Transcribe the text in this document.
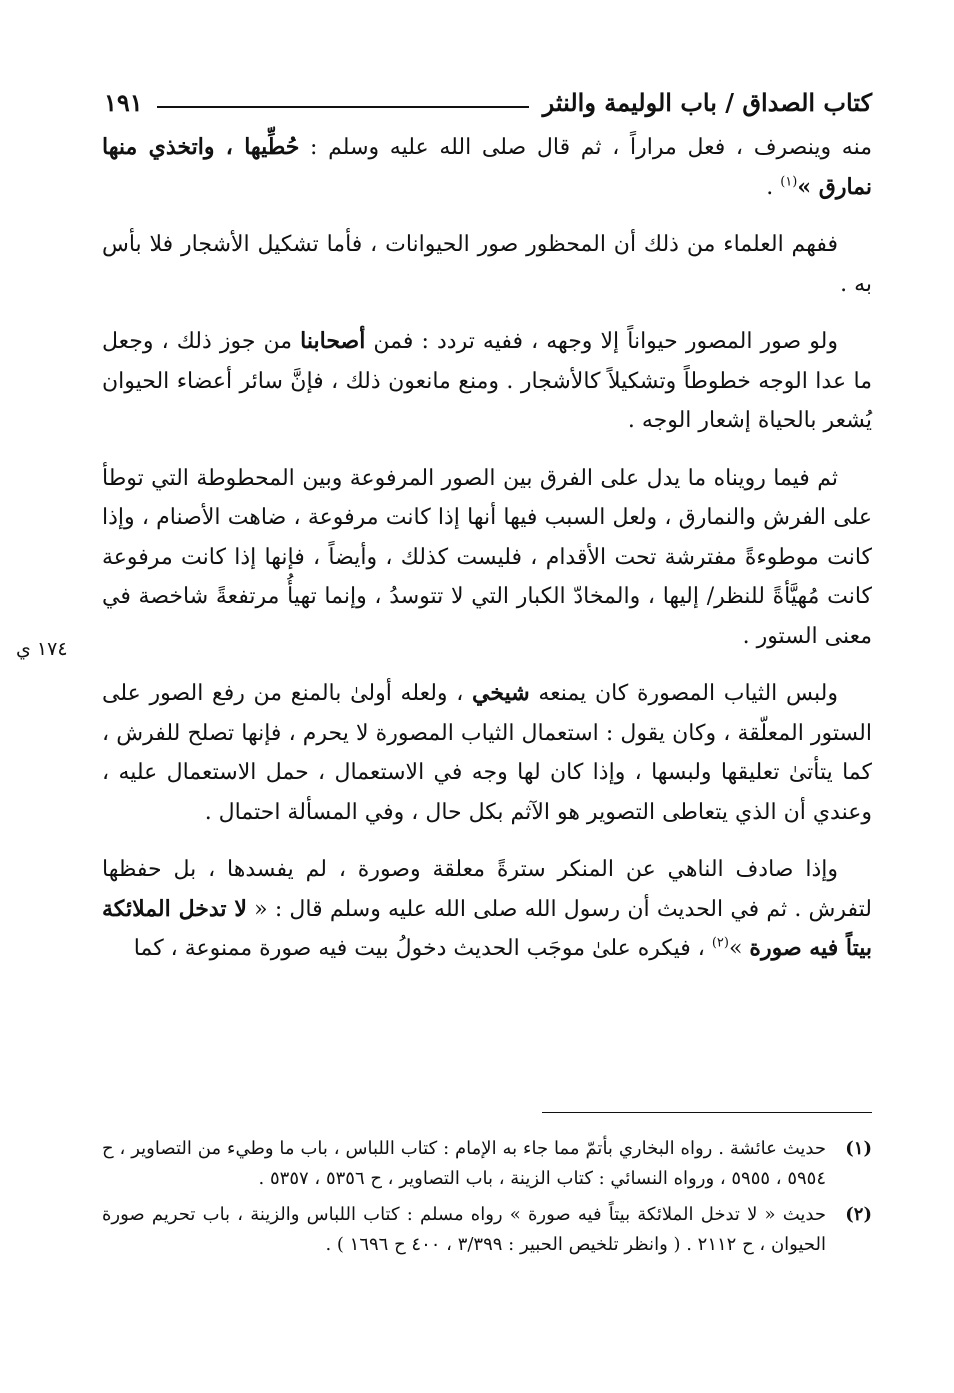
كتاب الصداق / باب الوليمة والنثر
١٩١

منه وينصرف ، فعل مراراً ، ثم قال صلى الله عليه وسلم : حُطِّيها ، واتخذي منها نمارق »$^{(١)}$ .

ففهم العلماء من ذلك أن المحظور صور الحيوانات ، فأما تشكيل الأشجار فلا بأس به .

ولو صور المصور حيواناً إلا وجهه ، ففيه تردد : فمن أصحابنا من جوز ذلك ، وجعل ما عدا الوجه خطوطاً وتشكيلاً كالأشجار . ومنع مانعون ذلك ، فإنَّ سائر أعضاء الحيوان يُشعر بالحياة إشعار الوجه .

ثم فيما رويناه ما يدل على الفرق بين الصور المرفوعة وبين المحطوطة التي توطأ على الفرش والنمارق ، ولعل السبب فيها أنها إذا كانت مرفوعة ، ضاهت الأصنام ، وإذا كانت موطوءةً مفترشة تحت الأقدام ، فليست كذلك ، وأيضاً ، فإنها إذا كانت مرفوعة كانت مُهيَّأةً للنظر/ إليها ، والمخادّ الكبار التي لا تتوسدُ ، وإنما تهيأُ مرتفعةً شاخصة في معنى الستور .

ولبس الثياب المصورة كان يمنعه شيخي ، ولعله أولىٰ بالمنع من رفع الصور على الستور المعلّقة ، وكان يقول : استعمال الثياب المصورة لا يحرم ، فإنها تصلح للفرش ، كما يتأتىٰ تعليقها ولبسها ، وإذا كان لها وجه في الاستعمال ، حمل الاستعمال عليه ، وعندي أن الذي يتعاطى التصوير هو الآثم بكل حال ، وفي المسألة احتمال .

وإذا صادف الناهي عن المنكر سترةً معلقة وصورة ، لم يفسدها ، بل حفظها لتفرش . ثم في الحديث أن رسول الله صلى الله عليه وسلم قال : « لا تدخل الملائكة بيتاً فيه صورة »$^{(٢)}$ ، فيكره علىٰ موجَب الحديث دخولُ بيت فيه صورة ممنوعة ، كما

١٧٤ ي
(١)
حديث عائشة . رواه البخاري بأتمّ مما جاء به الإمام : كتاب اللباس ، باب ما وطيء من التصاوير ، ح ٥٩٥٤ ، ٥٩٥٥ ، ورواه النسائي : كتاب الزينة ، باب التصاوير ، ح ٥٣٥٦ ، ٥٣٥٧ .
(٢)
حديث « لا تدخل الملائكة بيتاً فيه صورة » رواه مسلم : كتاب اللباس والزينة ، باب تحريم صورة الحيوان ، ح ٢١١٢ . ( وانظر تلخيص الحبير : ٣/٣٩٩ ، ٤٠٠ ح ١٦٩٦ ) .
